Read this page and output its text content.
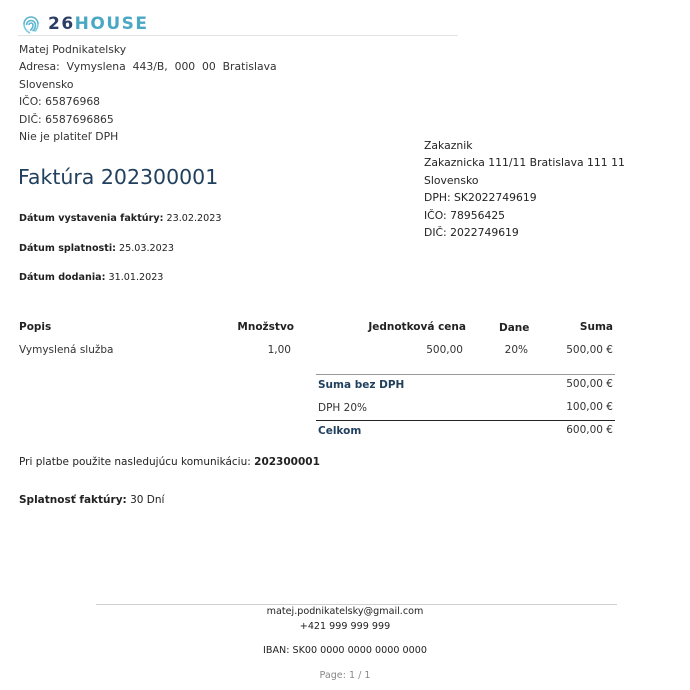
26HOUSE
Matej Podnikatelsky
Adresa:  Vymyslena  443/B,  000  00  Bratislava
Slovensko
IČO: 65876968
DIČ: 6587696865
Nie je platiteľ DPH
Zakaznik
Zakaznicka 111/11 Bratislava 111 11
Slovensko
DPH: SK2022749619
IČO: 78956425
DIČ: 2022749619
Faktúra 202300001
Dátum vystavenia faktúry: 23.02.2023
Dátum splatnosti: 25.03.2023
Dátum dodania: 31.01.2023
Popis	Množstvo	Jednotková cena	Dane	Suma
Vymyslená služba	1,00	500,00	20%	500,00 €
Suma bez DPH	500,00 €
DPH 20%	100,00 €
Celkom	600,00 €
Pri platbe použite nasledujúcu komunikáciu: 202300001
Splatnosť faktúry: 30 Dní
matej.podnikatelsky@gmail.com
+421 999 999 999
IBAN: SK00 0000 0000 0000 0000
Page: 1 / 1
